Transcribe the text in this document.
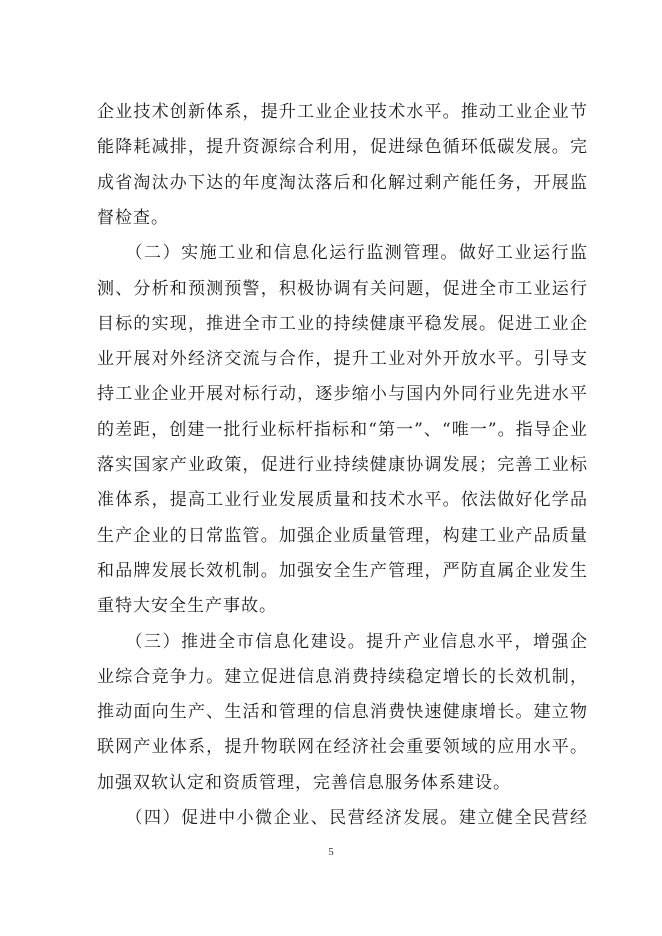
企业技术创新体系，提升工业企业技术水平。推动工业企业节
能降耗减排，提升资源综合利用，促进绿色循环低碳发展。完
成省淘汰办下达的年度淘汰落后和化解过剩产能任务，开展监
督检查。
　　（二）实施工业和信息化运行监测管理。做好工业运行监
测、分析和预测预警，积极协调有关问题，促进全市工业运行
目标的实现，推进全市工业的持续健康平稳发展。促进工业企
业开展对外经济交流与合作，提升工业对外开放水平。引导支
持工业企业开展对标行动，逐步缩小与国内外同行业先进水平
的差距，创建一批行业标杆指标和“第一”、“唯一”。指导企业
落实国家产业政策，促进行业持续健康协调发展；完善工业标
准体系，提高工业行业发展质量和技术水平。依法做好化学品
生产企业的日常监管。加强企业质量管理，构建工业产品质量
和品牌发展长效机制。加强安全生产管理，严防直属企业发生
重特大安全生产事故。
　　（三）推进全市信息化建设。提升产业信息水平，增强企
业综合竞争力。建立促进信息消费持续稳定增长的长效机制，
推动面向生产、生活和管理的信息消费快速健康增长。建立物
联网产业体系，提升物联网在经济社会重要领域的应用水平。
加强双软认定和资质管理，完善信息服务体系建设。
　　（四）促进中小微企业、民营经济发展。建立健全民营经
5
